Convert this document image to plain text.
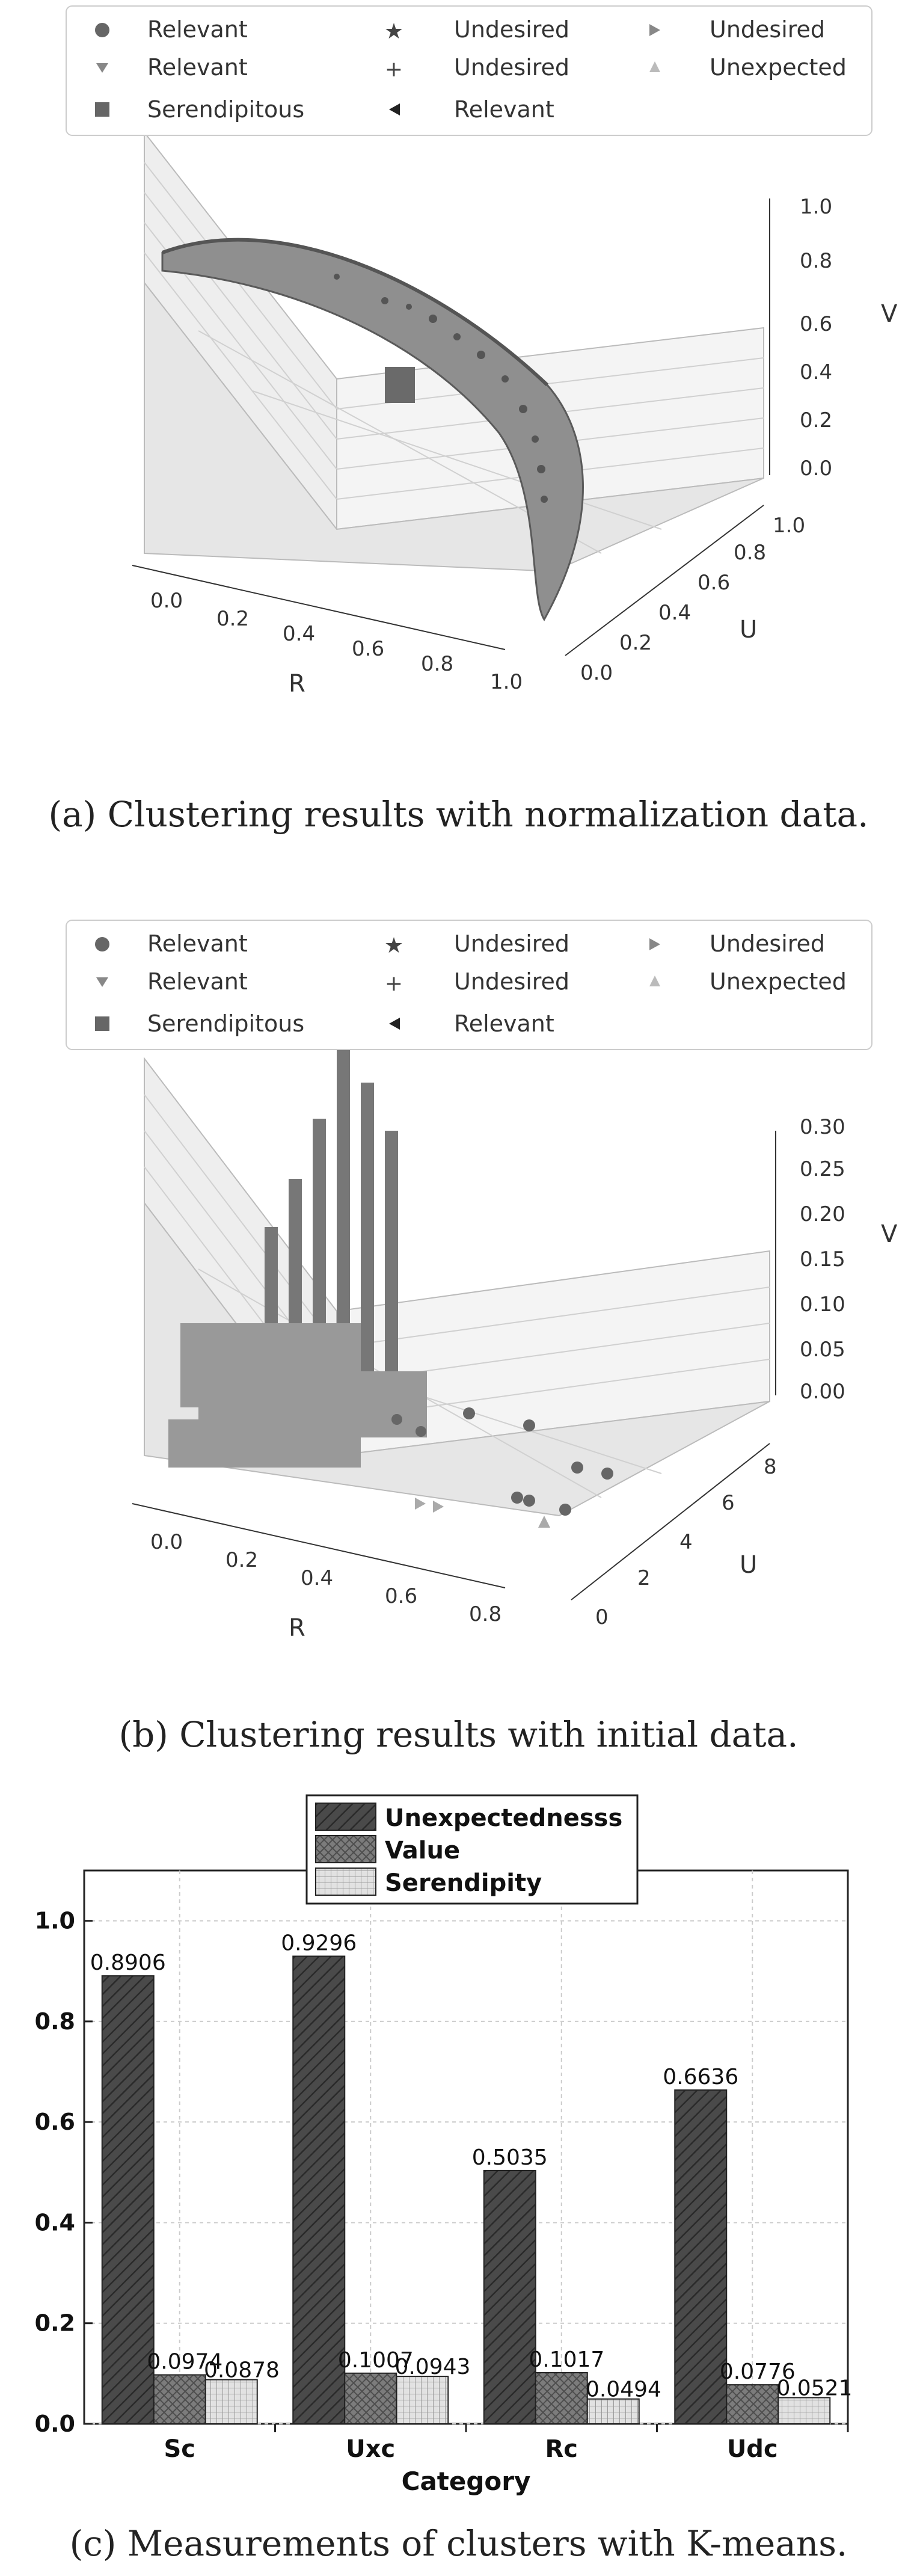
0.0
0.2
0.4
0.6
0.8
1.0
R	0.0
0.2
0.4
0.6
0.8
1.0
U
0.0
0.2
0.4
0.6
0.8
1.0
V
Relevant	★ Undesired	Undesired
Relevant	+ Undesired	Unexpected
Serendipitous	Relevant
0.0
0.2
0.4
0.6
0.8
R	0
2
4
6
8
U
0.00
0.05
0.10
0.15
0.20
0.25
0.30
V
Relevant	★ Undesired	Undesired
Relevant	+ Undesired	Unexpected
Serendipitous	Relevant
0.0
0.2
0.4
0.6
0.8
1.0
0.8906
0.0974
0.0878
0.9296
0.1007
0.0943
0.5035
0.1017
0.0494
0.6636
0.0776
0.0521
Sc	Uxc	Rc	Udc
Category
Unexpectednesss
Value
Serendipity
(a) Clustering results with normalization data.
(b) Clustering results with initial data.
(c) Measurements of clusters with K-means.
